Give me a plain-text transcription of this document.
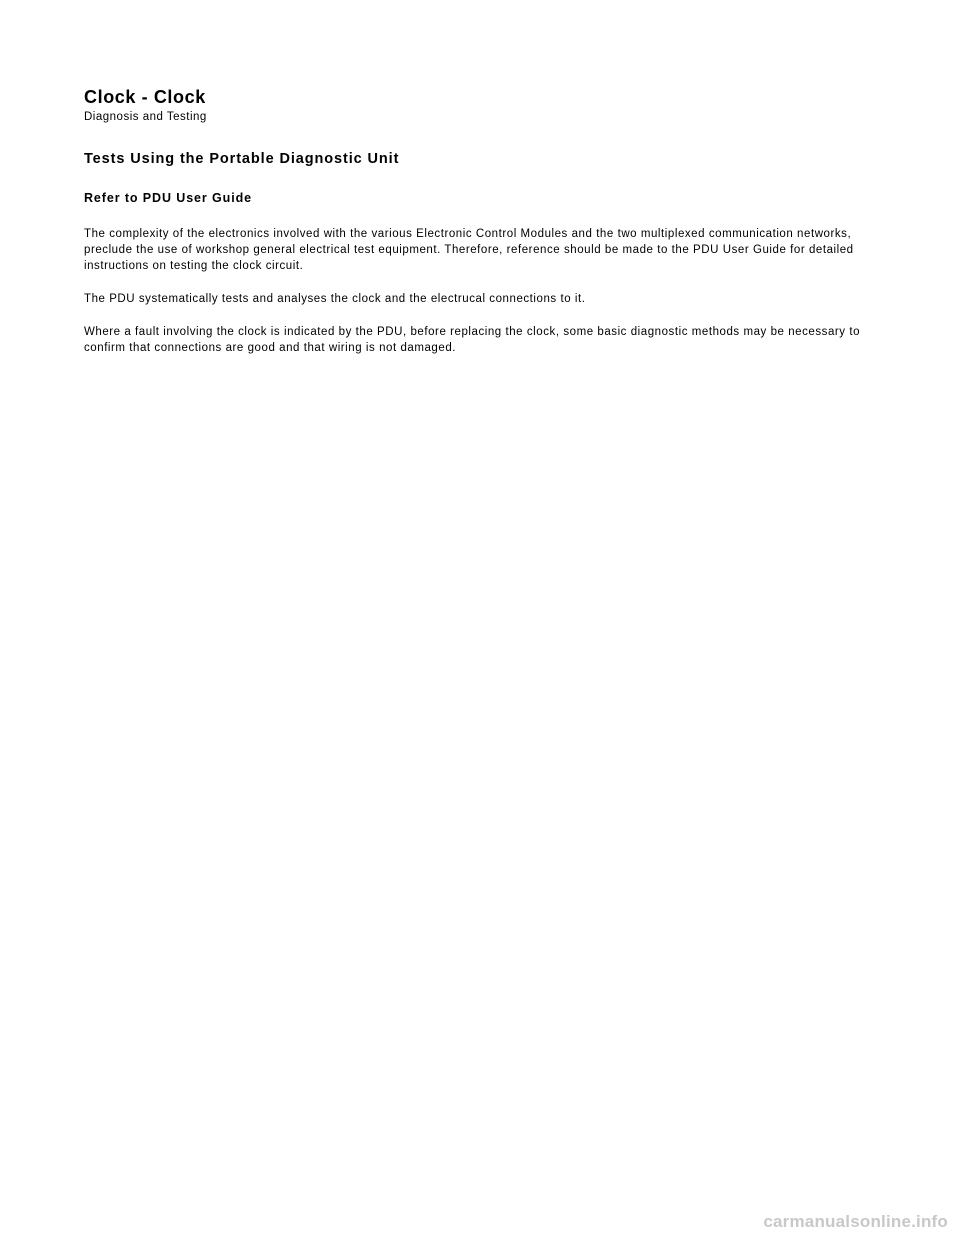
Clock - Clock
Diagnosis and Testing
Tests Using the Portable Diagnostic Unit
Refer to PDU User Guide

The complexity of the electronics involved with the various Electronic Control Modules and the two multiplexed communication networks, preclude the use of workshop general electrical test equipment. Therefore, reference should be made to the PDU User Guide for detailed instructions on testing the clock circuit.

The PDU systematically tests and analyses the clock and the electrucal connections to it.

Where a fault involving the clock is indicated by the PDU, before replacing the clock, some basic diagnostic methods may be necessary to confirm that connections are good and that wiring is not damaged.

carmanualsonline.info
